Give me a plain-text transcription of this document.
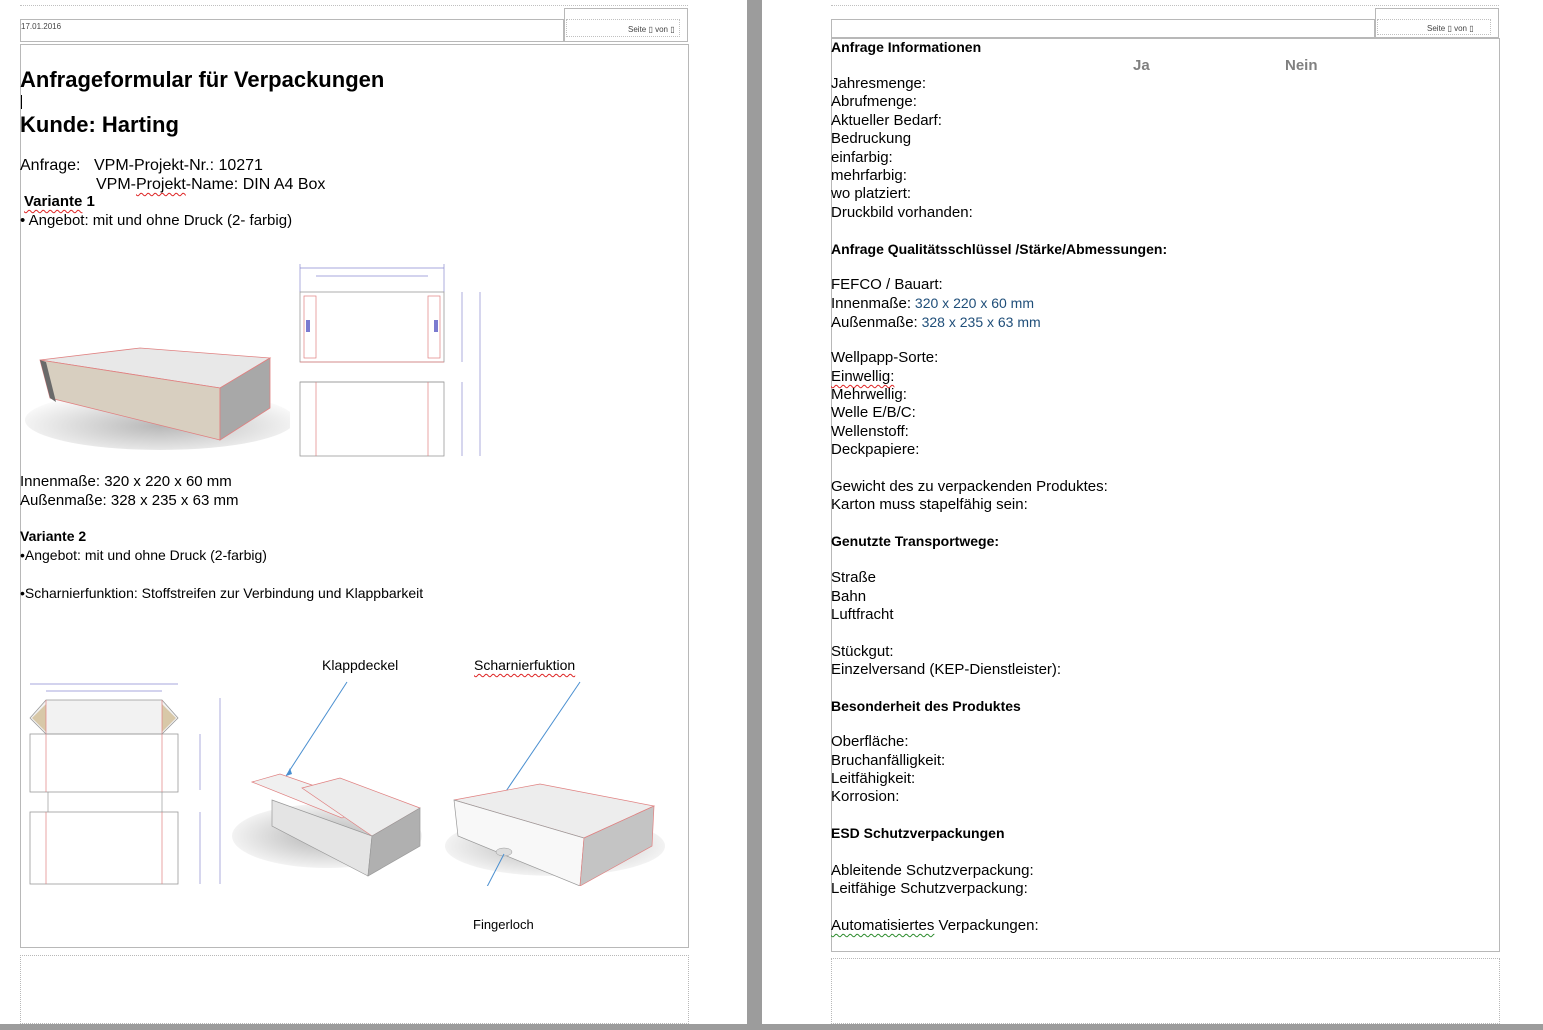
17.01.2016	Seite ▯ von ▯
Anfrageformular für Verpackungen
Kunde: Harting
Anfrage: VPM-Projekt-Nr.: 10271
VPM-Projekt-Name: DIN A4 Box
Variante 1
• Angebot: mit und ohne Druck (2- farbig)
Innenmaße: 320 x 220 x 60 mm
Außenmaße: 328 x 235 x 63 mm
Variante 2
•Angebot: mit und ohne Druck (2-farbig)
•Scharnierfunktion: Stoffstreifen zur Verbindung und Klappbarkeit
Klappdeckel	Scharnierfuktion
Fingerloch
Seite ▯ von ▯
Anfrage Informationen
Ja	Nein
Jahresmenge:
Abrufmenge:
Aktueller Bedarf:
Bedruckung
einfarbig:
mehrfarbig:
wo platziert:
Druckbild vorhanden:
Anfrage Qualitätsschlüssel /Stärke/Abmessungen:
FEFCO / Bauart:
Innenmaße: 320 x 220 x 60 mm
Außenmaße: 328 x 235 x 63 mm
Wellpapp-Sorte:
Einwellig:
Mehrwellig:
Welle E/B/C:
Wellenstoff:
Deckpapiere:
Gewicht des zu verpackenden Produktes:
Karton muss stapelfähig sein:
Genutzte Transportwege:
Straße
Bahn
Luftfracht
Stückgut:
Einzelversand (KEP-Dienstleister):
Besonderheit des Produktes
Oberfläche:
Bruchanfälligkeit:
Leitfähigkeit:
Korrosion:
ESD Schutzverpackungen
Ableitende Schutzverpackung:
Leitfähige Schutzverpackung:
Automatisiertes Verpackungen:
